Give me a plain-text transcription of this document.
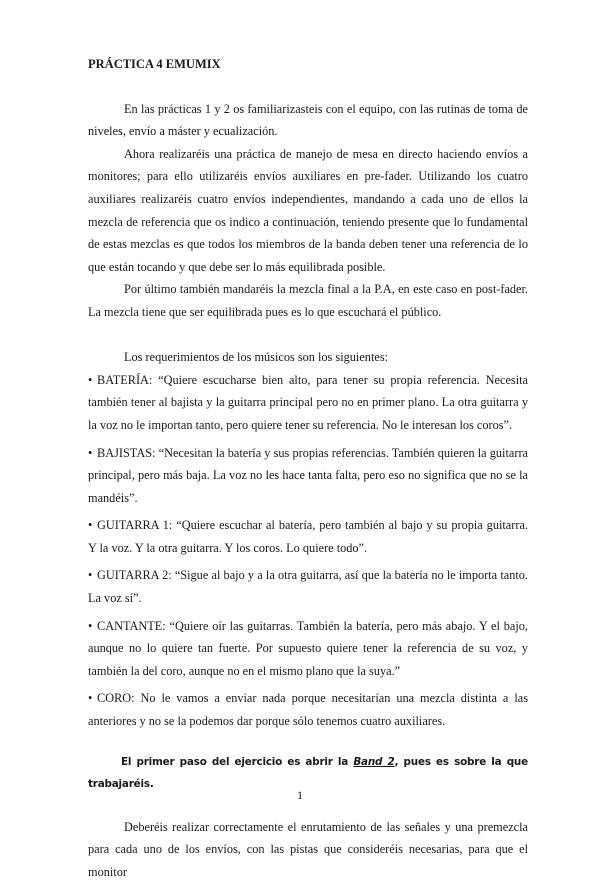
PRÁCTICA 4 EMUMIX

En las prácticas 1 y 2 os familiarizasteis con el equipo, con las rutinas de toma de niveles, envío a máster y ecualización.

Ahora realizaréis una práctica de manejo de mesa en directo haciendo envíos a monitores; para ello utilizaréis envíos auxiliares en pre-fader. Utilizando los cuatro auxiliares realizaréis cuatro envíos independientes, mandando a cada uno de ellos la mezcla de referencia que os indico a continuación, teniendo presente que lo fundamental de estas mezclas es que todos los miembros de la banda deben tener una referencia de lo que están tocando y que debe ser lo más equilibrada posible.

Por último también mandaréis la mezcla final a la P.A, en este caso en post-fader. La mezcla tiene que ser equilibrada pues es lo que escuchará el público.

Los requerimientos de los músicos son los siguientes:

• BATERÍA: “Quiere escucharse bien alto, para tener su propia referencia. Necesita también tener al bajista y la guitarra principal pero no en primer plano. La otra guitarra y la voz no le importan tanto, pero quiere tener su referencia. No le interesan los coros”.
• BAJISTAS: “Necesitan la batería y sus propias referencias. También quieren la guitarra principal, pero más baja. La voz no les hace tanta falta, pero eso no significa que no se la mandéis”.
• GUITARRA 1: “Quiere escuchar al batería, pero también al bajo y su propia guitarra. Y la voz. Y la otra guitarra. Y los coros. Lo quiere todo”.
• GUITARRA 2: “Sigue al bajo y a la otra guitarra, así que la batería no le importa tanto. La voz sí”.
• CANTANTE: “Quiere oír las guitarras. También la batería, pero más abajo. Y el bajo, aunque no lo quiere tan fuerte. Por supuesto quiere tener la referencia de su voz, y también la del coro, aunque no en el mismo plano que la suya.”
• CORO: No le vamos a enviar nada porque necesitarían una mezcla distinta a las anteriores y no se la podemos dar porque sólo tenemos cuatro auxiliares.

El primer paso del ejercicio es abrir la Band 2, pues es sobre la que trabajaréis.

Deberéis realizar correctamente el enrutamiento de las señales y una premezcla para cada uno de los envíos, con las pistas que consideréis necesarias, para que el monitor

1
